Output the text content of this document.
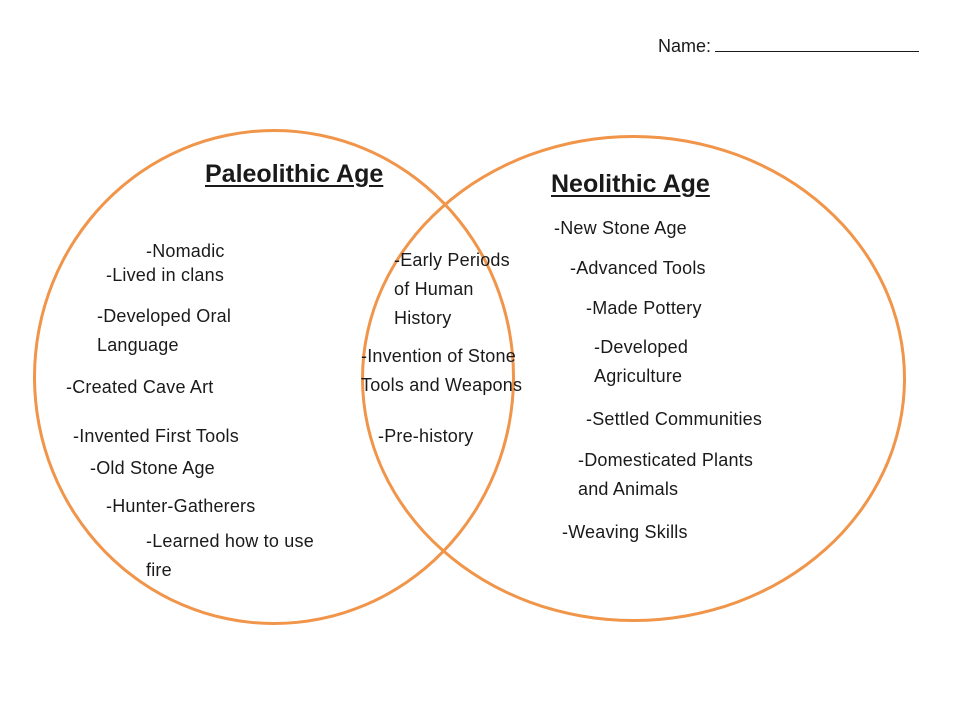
Name:
Paleolithic Age	Neolithic Age
-Nomadic
-Lived in clans
-Developed Oral
Language
-Created Cave Art
-Invented First Tools
-Old Stone Age
-Hunter-Gatherers
-Learned how to use
fire
-Early Periods
of Human
History
-Invention of Stone
Tools and Weapons
-Pre-history
-New Stone Age
-Advanced Tools
-Made Pottery
-Developed
Agriculture
-Settled Communities
-Domesticated Plants
and Animals
-Weaving Skills
